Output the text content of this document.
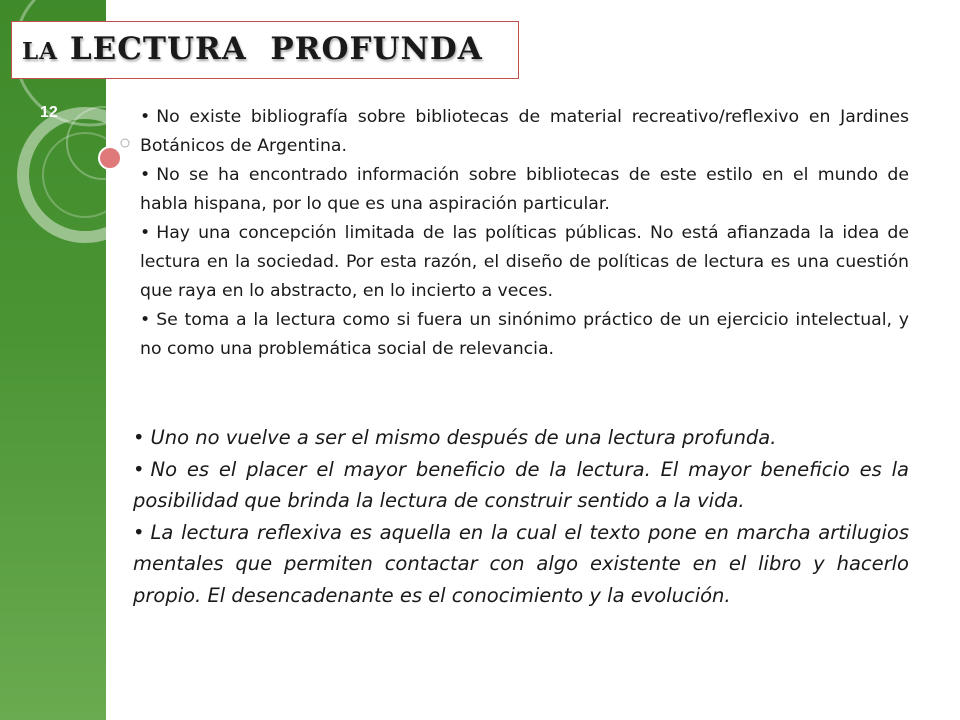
LA LECTURA  PROFUNDA
12	• No existe bibliografía sobre bibliotecas de material recreativo/reflexivo en Jardines Botánicos de Argentina.
• No se ha encontrado información sobre bibliotecas de este estilo en el mundo de habla hispana, por lo que es una aspiración particular.
• Hay una concepción limitada de las políticas públicas. No está afianzada la idea de lectura en la sociedad. Por esta razón, el diseño de políticas de lectura es una cuestión que raya en lo abstracto, en lo incierto a veces.
• Se toma a la lectura como si fuera un sinónimo práctico de un ejercicio intelectual, y no como una problemática social de relevancia.
• Uno no vuelve a ser el mismo después de una lectura profunda.
• No es el placer el mayor beneficio de la lectura. El mayor beneficio es la posibilidad que brinda la lectura de construir sentido a la vida.
• La lectura reflexiva es aquella en la cual el texto pone en marcha artilugios mentales que permiten contactar con algo existente en el libro y hacerlo propio. El desencadenante es el conocimiento y la evolución.
